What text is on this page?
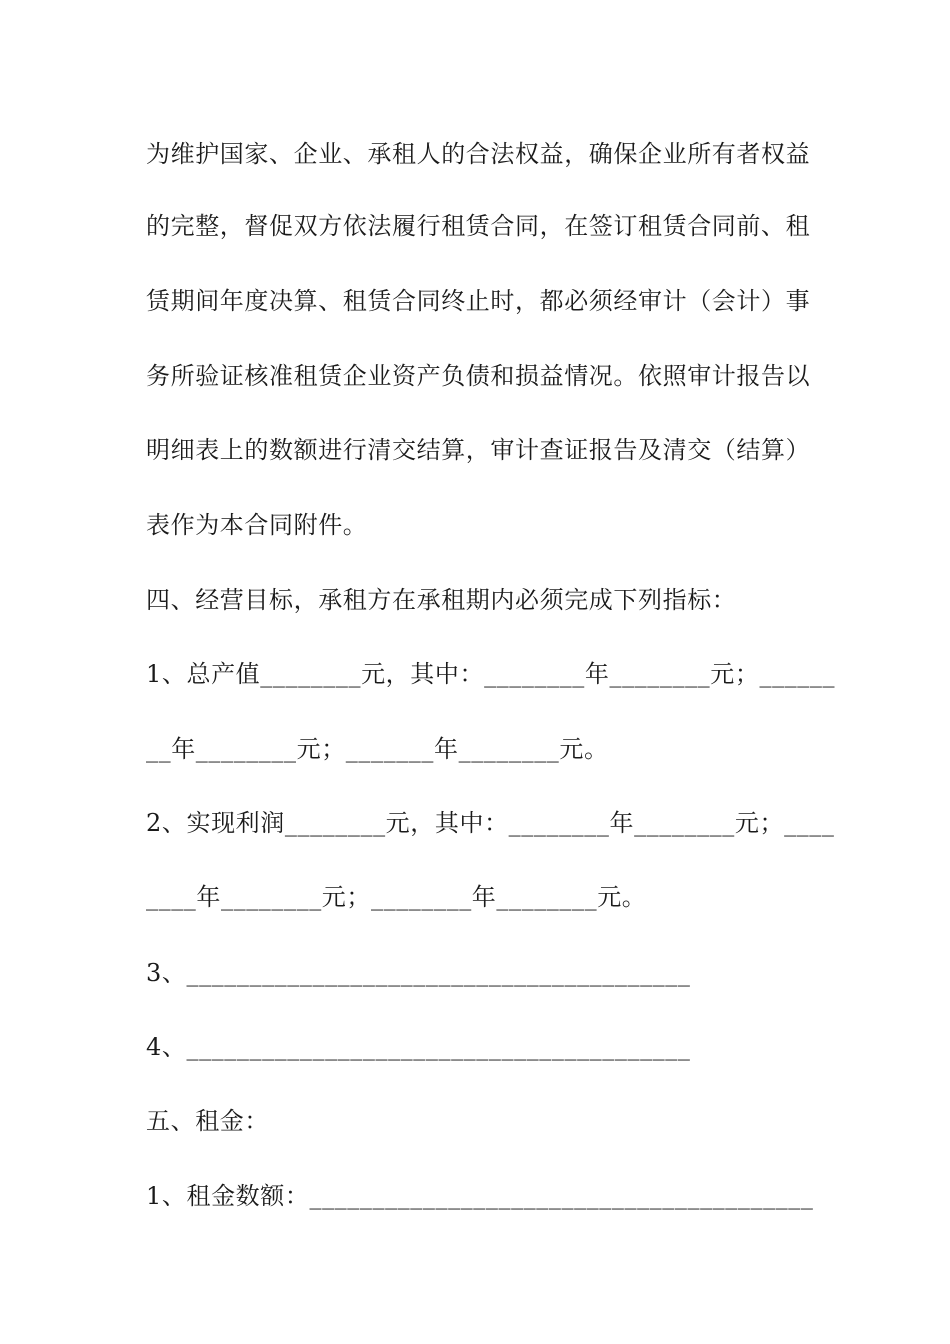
为维护国家、企业、承租人的合法权益，确保企业所有者权益
的完整，督促双方依法履行租赁合同，在签订租赁合同前、租
赁期间年度决算、租赁合同终止时，都必须经审计（会计）事
务所验证核准租赁企业资产负债和损益情况。依照审计报告以
明细表上的数额进行清交结算，审计查证报告及清交（结算）
表作为本合同附件。
四、经营目标，承租方在承租期内必须完成下列指标：
1、总产值________元，其中：________年________元；______
__年________元；_______年________元。
2、实现利润________元，其中：________年________元；____
____年________元；________年________元。
3、________________________________________
4、________________________________________
五、租金：
1、租金数额：________________________________________
